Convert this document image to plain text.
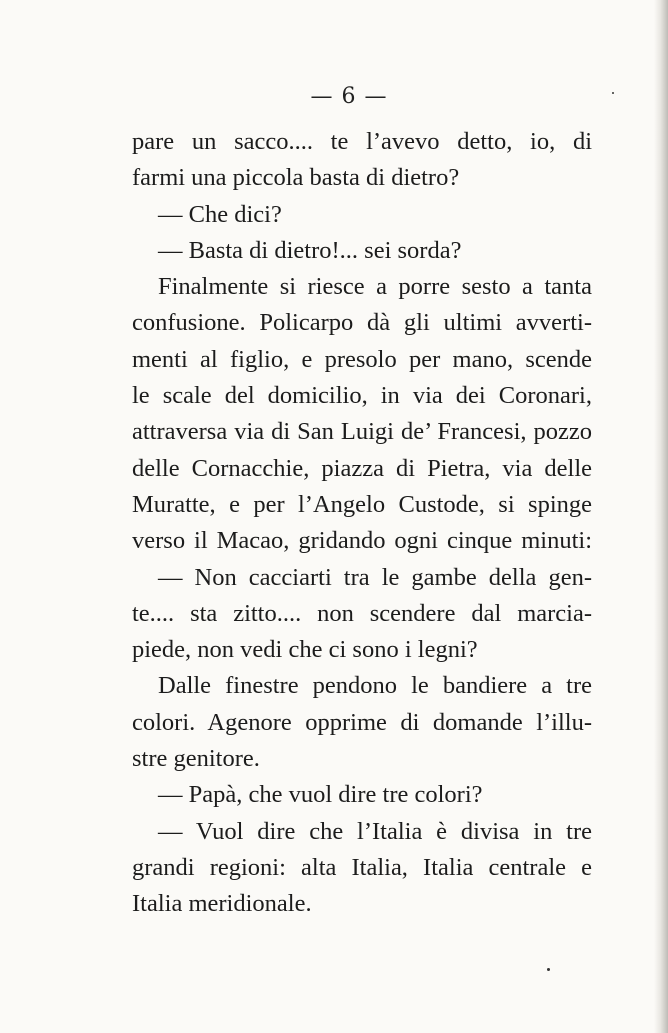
— 6 —
pare un sacco.... te l’avevo detto, io, di
farmi una piccola basta di dietro?
— Che dici?
— Basta di dietro!... sei sorda?
Finalmente si riesce a porre sesto a tanta
confusione. Policarpo dà gli ultimi avverti-
menti al figlio, e presolo per mano, scende
le scale del domicilio, in via dei Coronari,
attraversa via di San Luigi de’ Francesi, pozzo
delle Cornacchie, piazza di Pietra, via delle
Muratte, e per l’Angelo Custode, si spinge
verso il Macao, gridando ogni cinque minuti:
— Non cacciarti tra le gambe della gen-
te.... sta zitto.... non scendere dal marcia-
piede, non vedi che ci sono i legni?
Dalle finestre pendono le bandiere a tre
colori. Agenore opprime di domande l’illu-
stre genitore.
— Papà, che vuol dire tre colori?
— Vuol dire che l’Italia è divisa in tre
grandi regioni: alta Italia, Italia centrale e
Italia meridionale.
